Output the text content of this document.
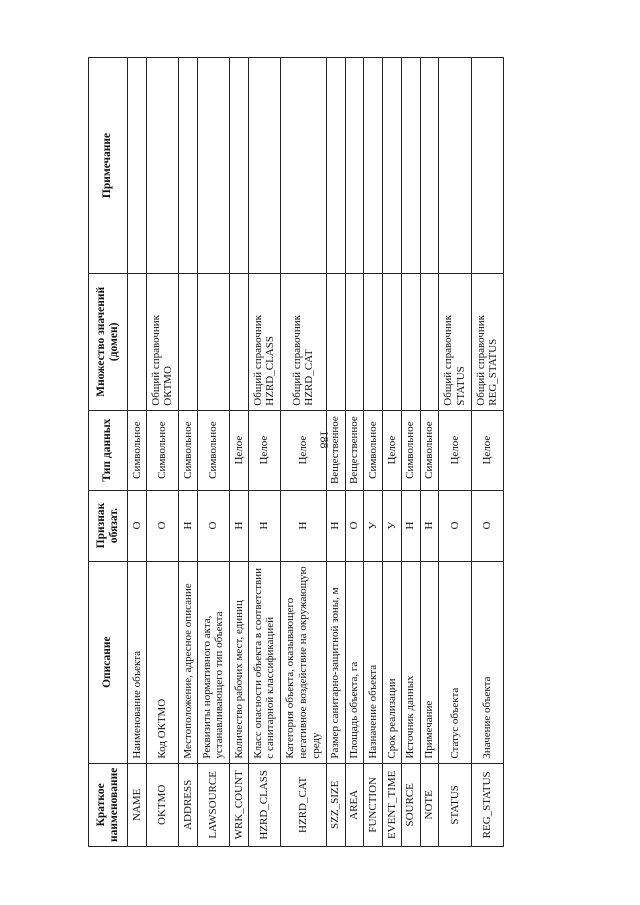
188
Краткое наименование	Описание	Признак обязат.	Тип данных	Множество значений (домен)	Примечание
NAME	Наименование объекта	О	Символьное		
OKTMO	Код ОКТМО	О	Символьное	Общий справочник ОКТМО	
ADDRESS	Местоположение, адресное описание	Н	Символьное		
LAWSOURCE	Реквизиты нормативного акта, устанавливающего тип объекта	О	Символьное		
WRK_COUNT	Количество рабочих мест, единиц	Н	Целое		
HZRD_CLASS	Класс опасности объекта в соответствии с санитарной классификацией	Н	Целое	Общий справочник HZRD_CLASS	
HZRD_CAT	Категория объекта, оказывающего негативное воздействие на окружающую среду	Н	Целое	Общий справочник HZRD_CAT	
SZZ_SIZE	Размер санитарно-защитной зоны, м	Н	Вещественное		
AREA	Площадь объекта, га	О	Вещественное		
FUNCTION	Назначение объекта	У	Символьное		
EVENT_TIME	Срок реализации	У	Целое		
SOURCE	Источник данных	Н	Символьное		
NOTE	Примечание	Н	Символьное		
STATUS	Статус объекта	О	Целое	Общий справочник STATUS	
REG_STATUS	Значение объекта	О	Целое	Общий справочник REG_STATUS	
